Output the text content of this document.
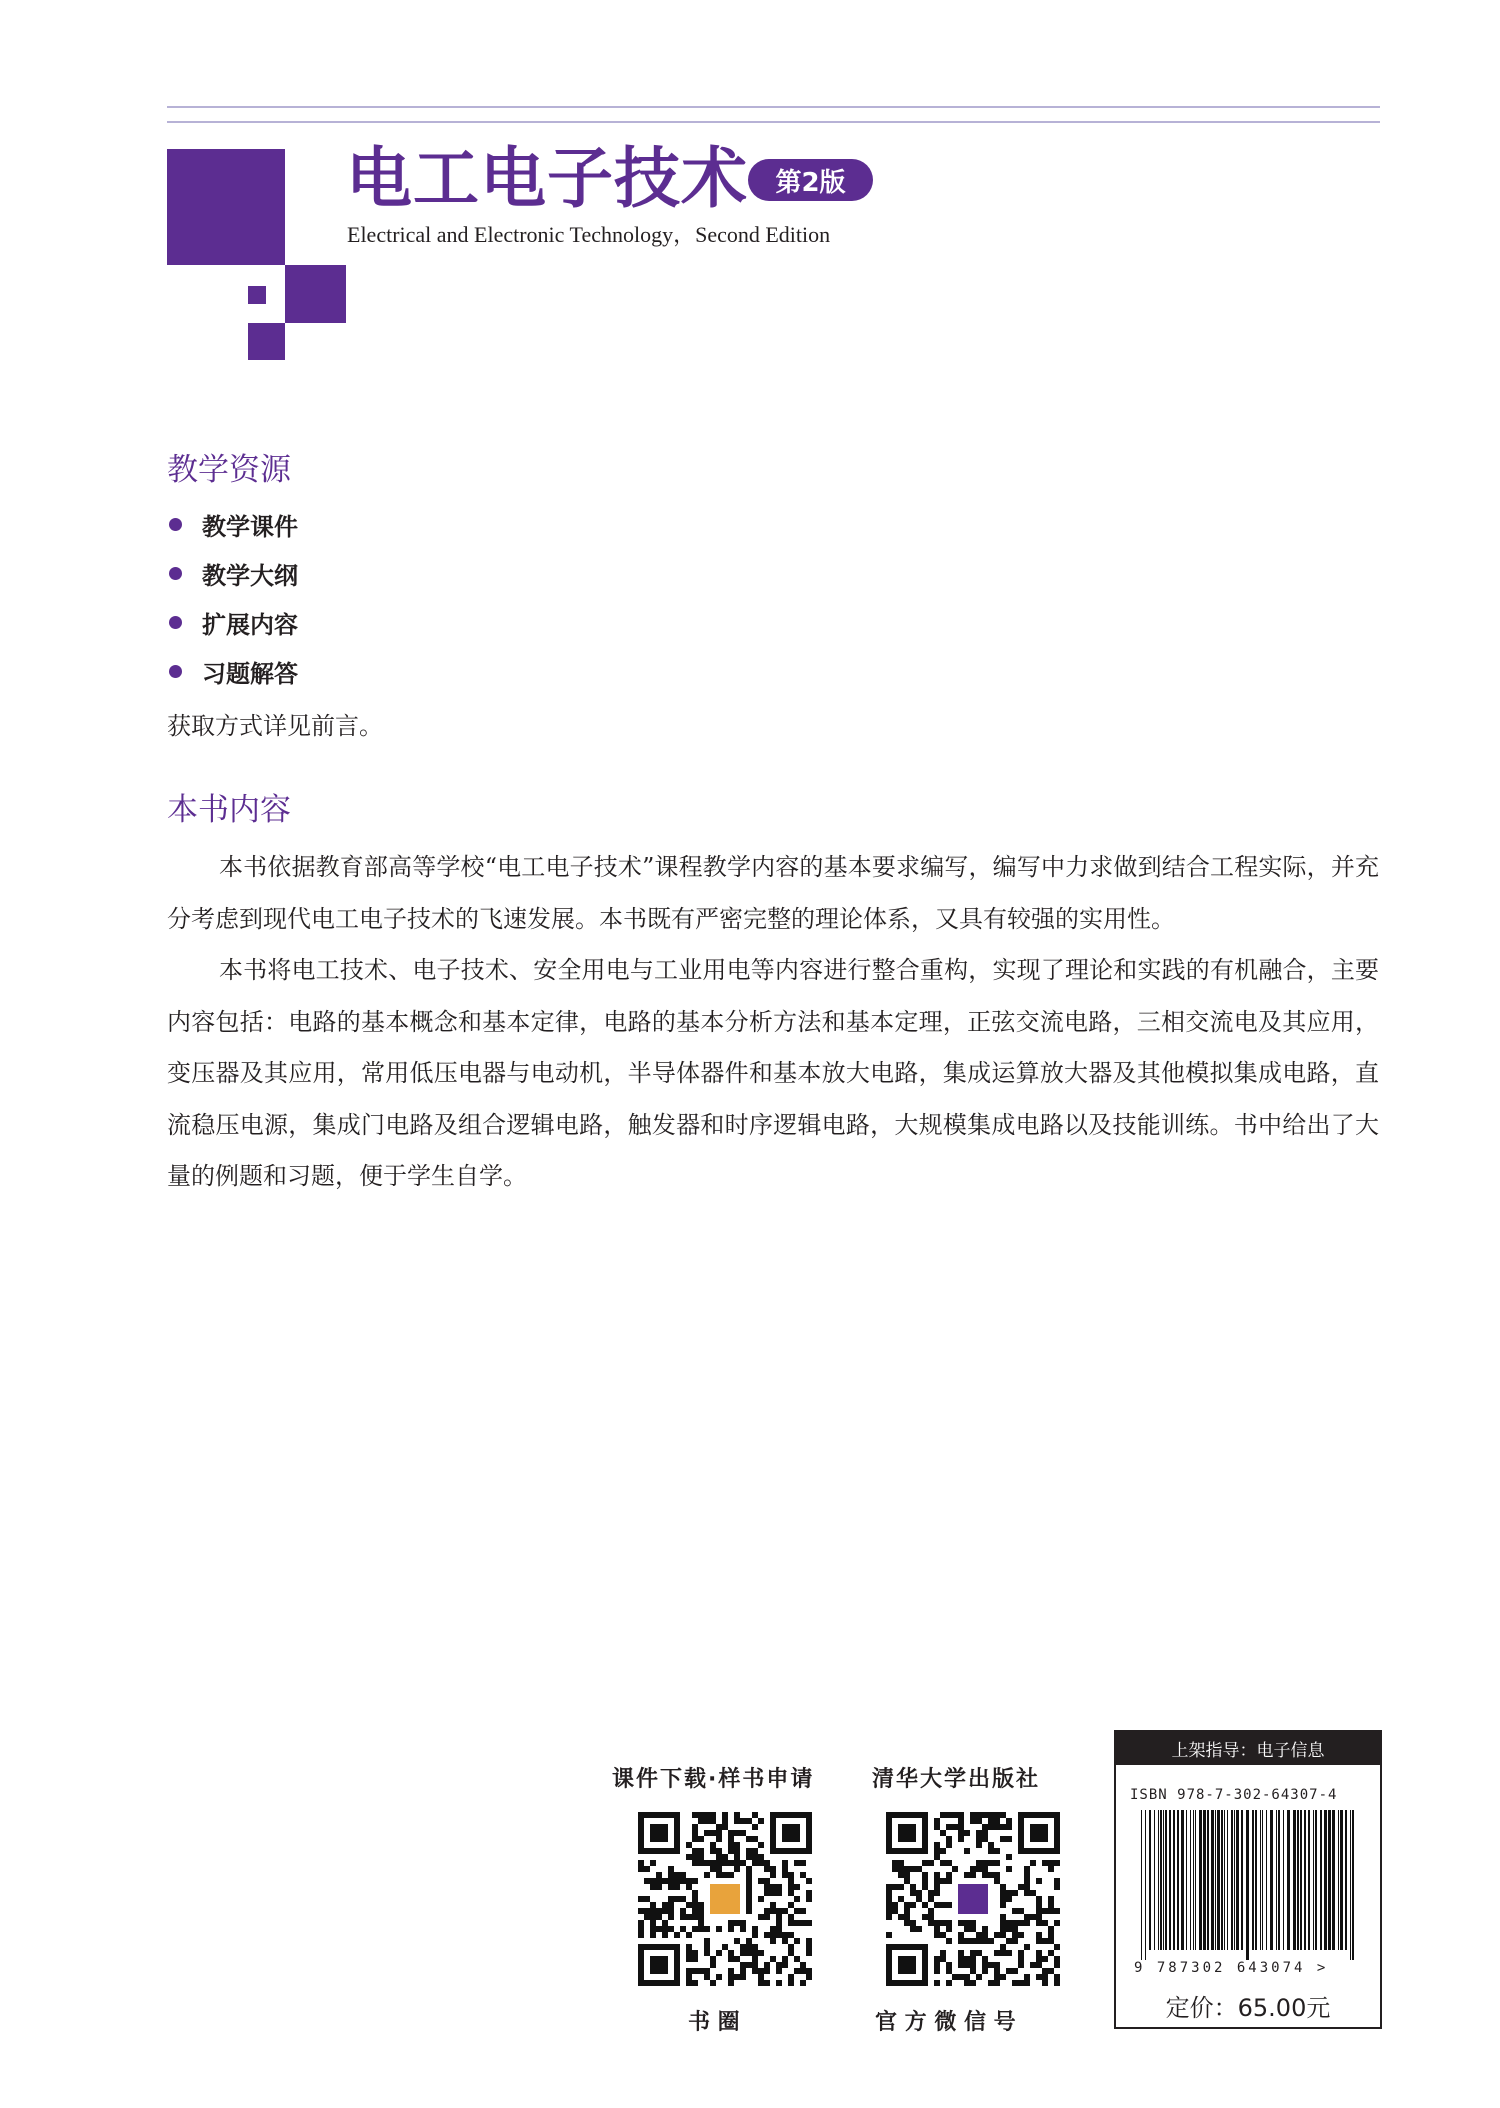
电工电子技术	第2版
Electrical and Electronic Technology，Second Edition
教学资源
教学课件
教学大纲
扩展内容
习题解答
获取方式详见前言。
本书内容

本书依据教育部高等学校“电工电子技术”课程教学内容的基本要求编写，编写中力求做到结合工程实际，并充分考虑到现代电工电子技术的飞速发展。本书既有严密完整的理论体系，又具有较强的实用性。

本书将电工技术、电子技术、安全用电与工业用电等内容进行整合重构，实现了理论和实践的有机融合，主要内容包括：电路的基本概念和基本定律，电路的基本分析方法和基本定理，正弦交流电路，三相交流电及其应用，变压器及其应用，常用低压电器与电动机，半导体器件和基本放大电路，集成运算放大器及其他模拟集成电路，直流稳压电源，集成门电路及组合逻辑电路，触发器和时序逻辑电路，大规模集成电路以及技能训练。书中给出了大量的例题和习题，便于学生自学。

课件下载·样书申请
书 圈
清华大学出版社
官 方 微 信 号
上架指导：电子信息
ISBN 978-7-302-64307-4
9 787302 643074 >
定价：65.00元
